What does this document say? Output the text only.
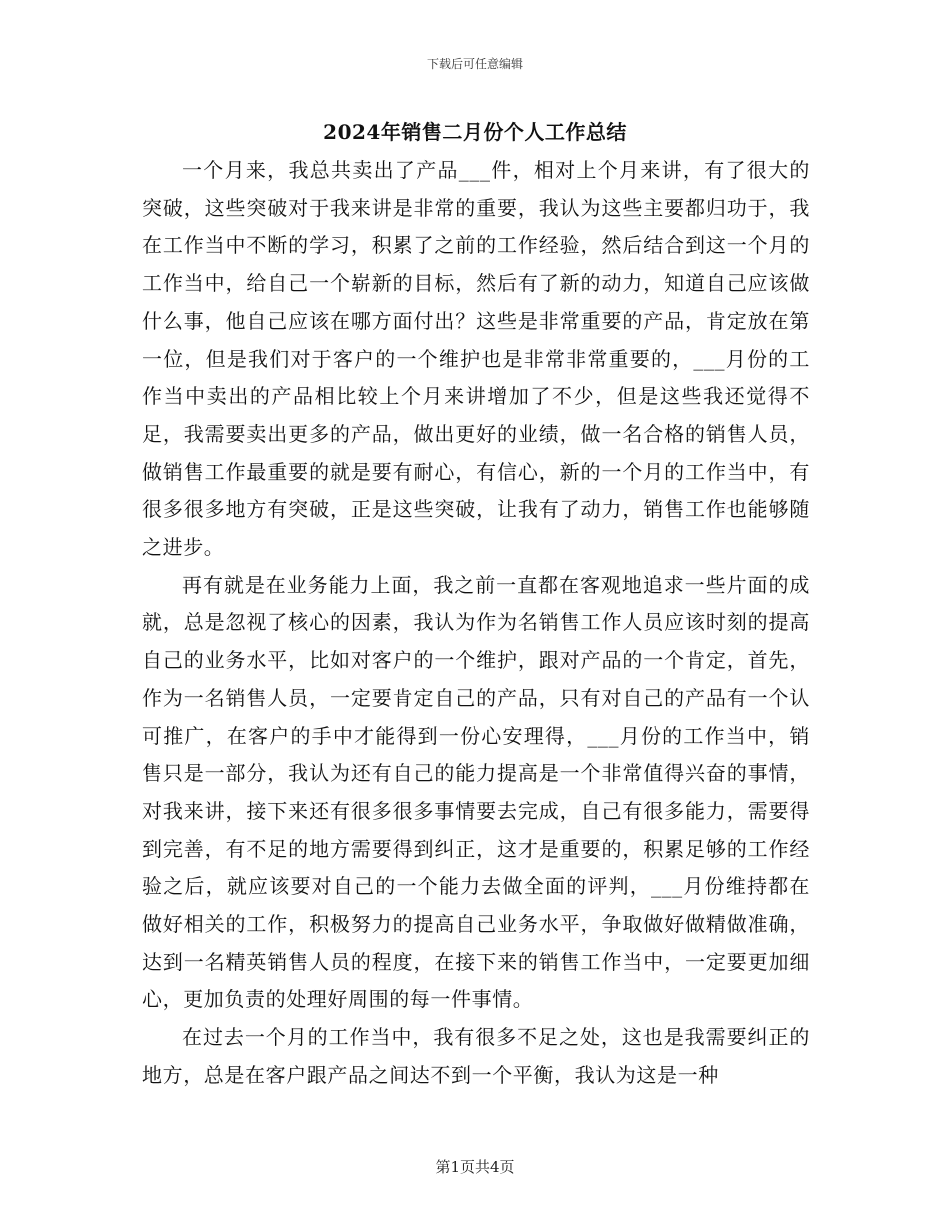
下载后可任意编辑
2024年销售二月份个人工作总结

一个月来，我总共卖出了产品___件，相对上个月来讲，有了很大的突破，这些突破对于我来讲是非常的重要，我认为这些主要都归功于，我在工作当中不断的学习，积累了之前的工作经验，然后结合到这一个月的工作当中，给自己一个崭新的目标，然后有了新的动力，知道自己应该做什么事，他自己应该在哪方面付出？这些是非常重要的产品，肯定放在第一位，但是我们对于客户的一个维护也是非常非常重要的，___月份的工作当中卖出的产品相比较上个月来讲增加了不少，但是这些我还觉得不足，我需要卖出更多的产品，做出更好的业绩，做一名合格的销售人员，做销售工作最重要的就是要有耐心，有信心，新的一个月的工作当中，有很多很多地方有突破，正是这些突破，让我有了动力，销售工作也能够随之进步。

再有就是在业务能力上面，我之前一直都在客观地追求一些片面的成就，总是忽视了核心的因素，我认为作为名销售工作人员应该时刻的提高自己的业务水平，比如对客户的一个维护，跟对产品的一个肯定，首先，作为一名销售人员，一定要肯定自己的产品，只有对自己的产品有一个认可推广，在客户的手中才能得到一份心安理得，___月份的工作当中，销售只是一部分，我认为还有自己的能力提高是一个非常值得兴奋的事情，对我来讲，接下来还有很多很多事情要去完成，自己有很多能力，需要得到完善，有不足的地方需要得到纠正，这才是重要的，积累足够的工作经验之后，就应该要对自己的一个能力去做全面的评判，___月份维持都在做好相关的工作，积极努力的提高自己业务水平，争取做好做精做准确，达到一名精英销售人员的程度，在接下来的销售工作当中，一定要更加细心，更加负责的处理好周围的每一件事情。

在过去一个月的工作当中，我有很多不足之处，这也是我需要纠正的地方，总是在客户跟产品之间达不到一个平衡，我认为这是一种

第1页共4页
